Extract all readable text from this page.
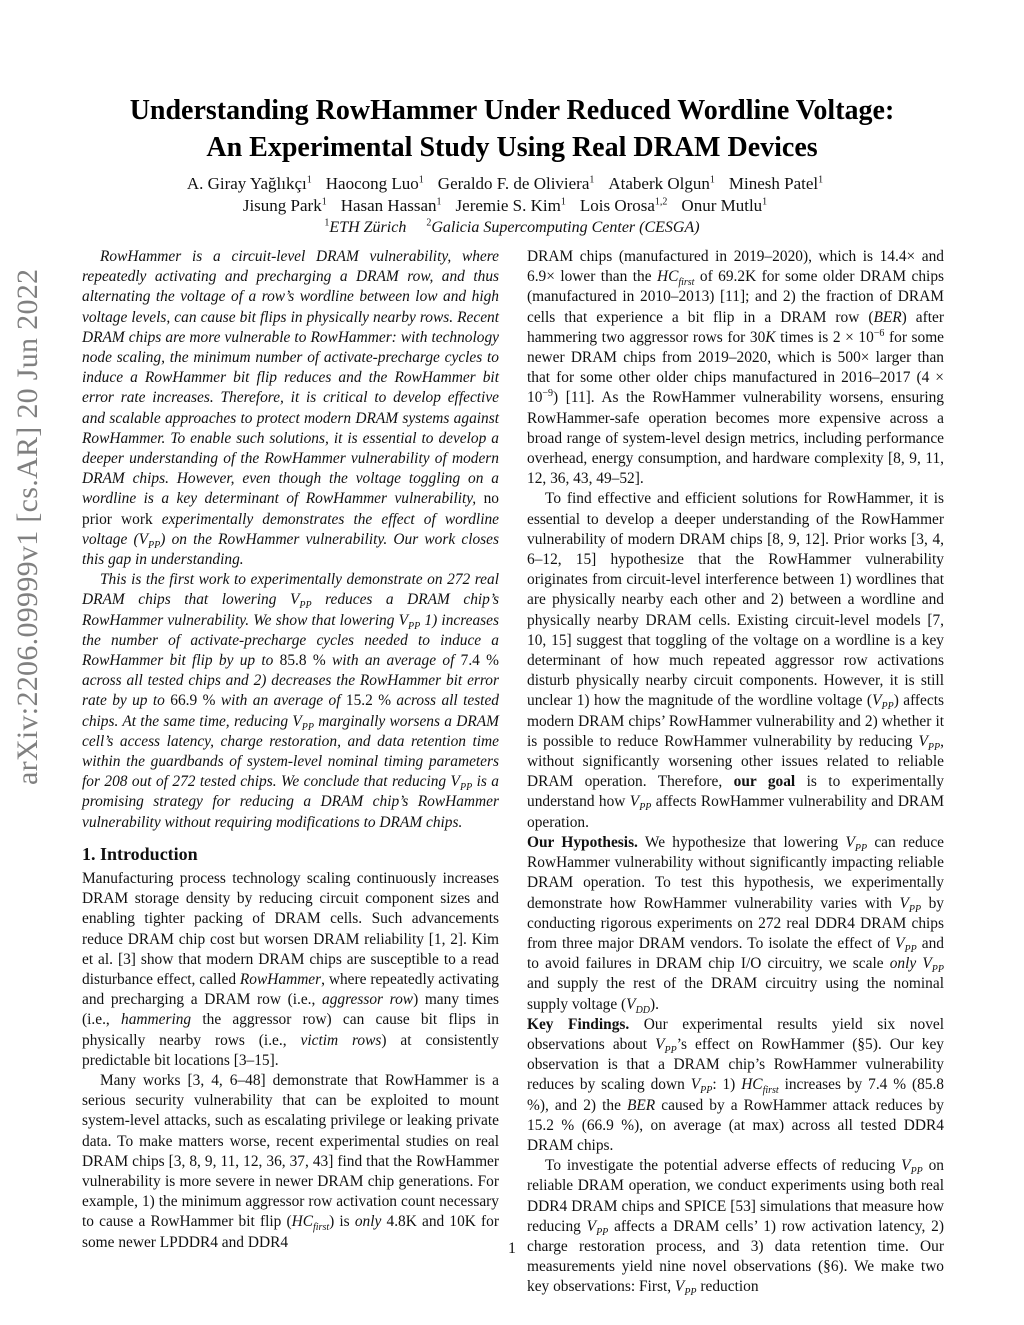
arXiv:2206.09999v1 [cs.AR] 20 Jun 2022
Understanding RowHammer Under Reduced Wordline Voltage:
An Experimental Study Using Real DRAM Devices
A. Giray Yağlıkçı$^1$ Haocong Luo$^1$ Geraldo F. de Oliviera$^1$ Ataberk Olgun$^1$ Minesh Patel$^1$
Jisung Park$^1$ Hasan Hassan$^1$ Jeremie S. Kim$^1$ Lois Orosa$^{1,2}$ Onur Mutlu$^1$
$^1$ETH Zürich $^2$Galicia Supercomputing Center (CESGA)

RowHammer is a circuit-level DRAM vulnerability, where repeatedly activating and precharging a DRAM row, and thus alternating the voltage of a row’s wordline between low and high voltage levels, can cause bit flips in physically nearby rows. Recent DRAM chips are more vulnerable to RowHammer: with technology node scaling, the minimum number of activate-precharge cycles to induce a RowHammer bit flip reduces and the RowHammer bit error rate increases. Therefore, it is critical to develop effective and scalable approaches to protect modern DRAM systems against RowHammer. To enable such solutions, it is essential to develop a deeper understanding of the RowHammer vulnerability of modern DRAM chips. However, even though the voltage toggling on a wordline is a key determinant of RowHammer vulnerability, no prior work experimentally demonstrates the effect of wordline voltage $(V_{PP})$ on the RowHammer vulnerability. Our work closes this gap in understanding.

This is the first work to experimentally demonstrate on 272 real DRAM chips that lowering $V_{PP}$ reduces a DRAM chip’s RowHammer vulnerability. We show that lowering $V_{PP}$ 1) increases the number of activate-precharge cycles needed to induce a RowHammer bit flip by up to 85.8 % with an average of 7.4 % across all tested chips and 2) decreases the RowHammer bit error rate by up to 66.9 % with an average of 15.2 % across all tested chips. At the same time, reducing $V_{PP}$ marginally worsens a DRAM cell’s access latency, charge restoration, and data retention time within the guardbands of system-level nominal timing parameters for 208 out of 272 tested chips. We conclude that reducing $V_{PP}$ is a promising strategy for reducing a DRAM chip’s RowHammer vulnerability without requiring modifications to DRAM chips.

1. Introduction

Manufacturing process technology scaling continuously increases DRAM storage density by reducing circuit component sizes and enabling tighter packing of DRAM cells. Such advancements reduce DRAM chip cost but worsen DRAM reliability [1, 2]. Kim et al. [3] show that modern DRAM chips are susceptible to a read disturbance effect, called RowHammer, where repeatedly activating and precharging a DRAM row (i.e., aggressor row) many times (i.e., hammering the aggressor row) can cause bit flips in physically nearby rows (i.e., victim rows) at consistently predictable bit locations [3–15].

Many works [3, 4, 6–48] demonstrate that RowHammer is a serious security vulnerability that can be exploited to mount system-level attacks, such as escalating privilege or leaking private data. To make matters worse, recent experimental studies on real DRAM chips [3, 8, 9, 11, 12, 36, 37, 43] find that the RowHammer vulnerability is more severe in newer DRAM chip generations. For example, 1) the minimum aggressor row activation count necessary to cause a RowHammer bit flip $(HC_{first})$ is only 4.8K and 10K for some newer LPDDR4 and DDR4

DRAM chips (manufactured in 2019–2020), which is 14.4× and 6.9× lower than the $HC_{first}$ of 69.2K for some older DRAM chips (manufactured in 2010–2013) [11]; and 2) the fraction of DRAM cells that experience a bit flip in a DRAM row (BER) after hammering two aggressor rows for 30K times is $2 \times 10^{-6}$ for some newer DRAM chips from 2019–2020, which is 500× larger than that for some other older chips manufactured in 2016–2017 $(4 \times 10^{-9})$ [11]. As the RowHammer vulnerability worsens, ensuring RowHammer-safe operation becomes more expensive across a broad range of system-level design metrics, including performance overhead, energy consumption, and hardware complexity [8, 9, 11, 12, 36, 43, 49–52].

To find effective and efficient solutions for RowHammer, it is essential to develop a deeper understanding of the RowHammer vulnerability of modern DRAM chips [8, 9, 12]. Prior works [3, 4, 6–12, 15] hypothesize that the RowHammer vulnerability originates from circuit-level interference between 1) wordlines that are physically nearby each other and 2) between a wordline and physically nearby DRAM cells. Existing circuit-level models [7, 10, 15] suggest that toggling of the voltage on a wordline is a key determinant of how much repeated aggressor row activations disturb physically nearby circuit components. However, it is still unclear 1) how the magnitude of the wordline voltage $(V_{PP})$ affects modern DRAM chips’ RowHammer vulnerability and 2) whether it is possible to reduce RowHammer vulnerability by reducing $V_{PP}$, without significantly worsening other issues related to reliable DRAM operation. Therefore, our goal is to experimentally understand how $V_{PP}$ affects RowHammer vulnerability and DRAM operation.

Our Hypothesis. We hypothesize that lowering $V_{PP}$ can reduce RowHammer vulnerability without significantly impacting reliable DRAM operation. To test this hypothesis, we experimentally demonstrate how RowHammer vulnerability varies with $V_{PP}$ by conducting rigorous experiments on 272 real DDR4 DRAM chips from three major DRAM vendors. To isolate the effect of $V_{PP}$ and to avoid failures in DRAM chip I/O circuitry, we scale only $V_{PP}$ and supply the rest of the DRAM circuitry using the nominal supply voltage $(V_{DD})$.

Key Findings. Our experimental results yield six novel observations about $V_{PP}’s$ effect on RowHammer (§5). Our key observation is that a DRAM chip’s RowHammer vulnerability reduces by scaling down $V_{PP}$: 1) $HC_{first}$ increases by 7.4 % (85.8 %), and 2) the BER caused by a RowHammer attack reduces by 15.2 % (66.9 %), on average (at max) across all tested DDR4 DRAM chips.

To investigate the potential adverse effects of reducing $V_{PP}$ on reliable DRAM operation, we conduct experiments using both real DDR4 DRAM chips and SPICE [53] simulations that measure how reducing $V_{PP}$ affects a DRAM cells’ 1) row activation latency, 2) charge restoration process, and 3) data retention time. Our measurements yield nine novel observations (§6). We make two key observations: First, $V_{PP}$ reduction

1
